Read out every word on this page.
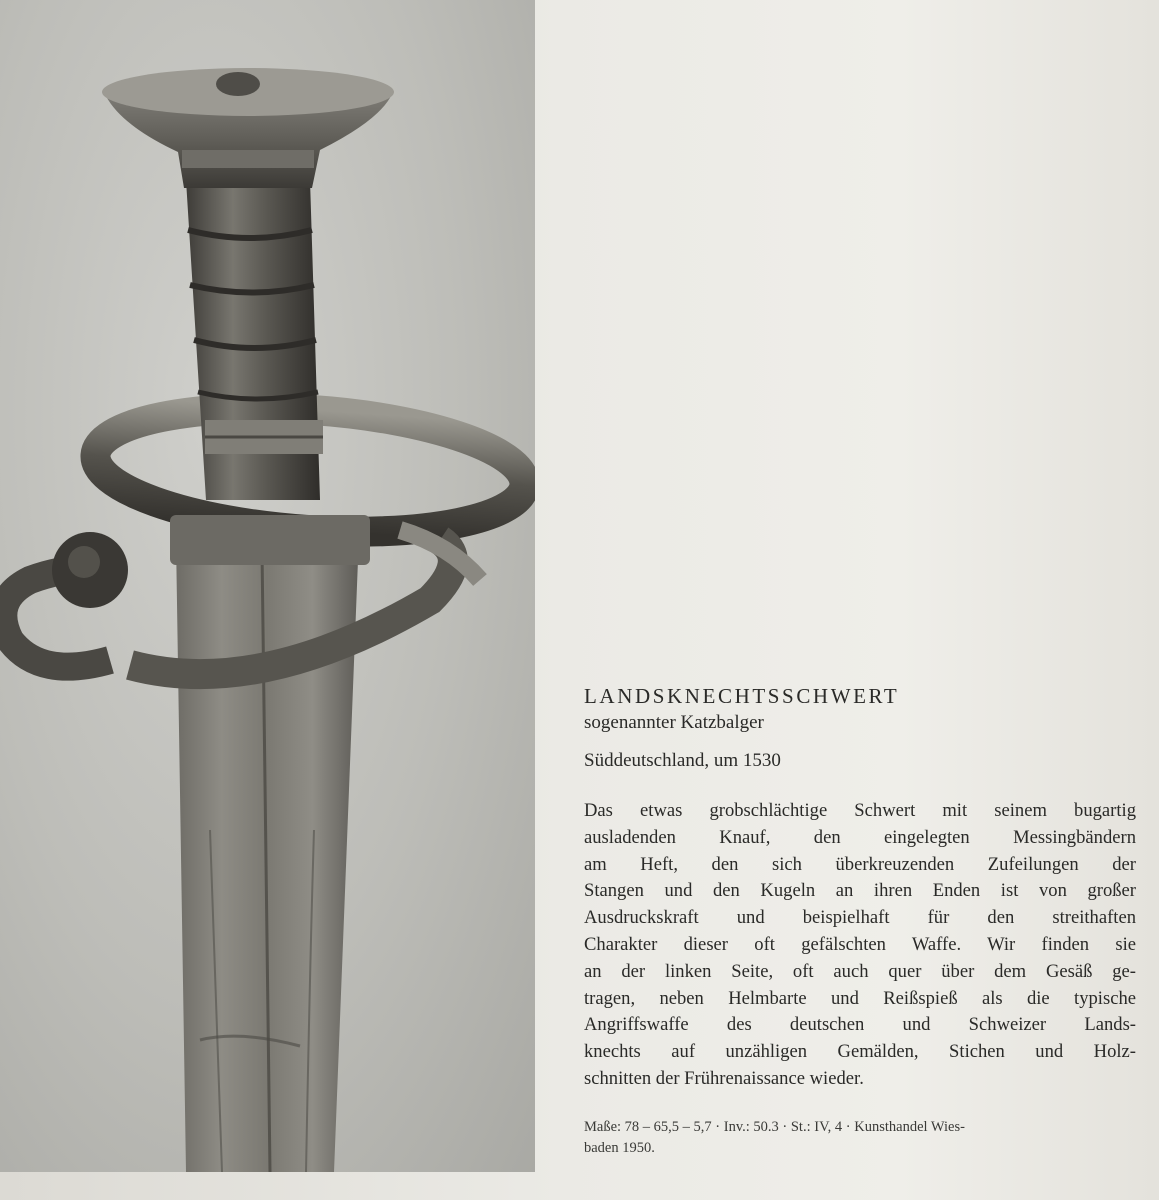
LANDSKNECHTSSCHWERT

sogenannter Katzbalger

Süddeutschland, um 1530

Das etwas grobschlächtige Schwert mit seinem bugartig
ausladenden Knauf, den eingelegten Messingbändern
am Heft, den sich überkreuzenden Zufeilungen der
Stangen und den Kugeln an ihren Enden ist von großer
Ausdruckskraft und beispielhaft für den streithaften
Charakter dieser oft gefälschten Waffe. Wir finden sie
an der linken Seite, oft auch quer über dem Gesäß ge-
tragen, neben Helmbarte und Reißspieß als die typische
Angriffswaffe des deutschen und Schweizer Lands-
knechts auf unzähligen Gemälden, Stichen und Holz-
schnitten der Frührenaissance wieder.
Maße: 78 – 65,5 – 5,7 · Inv.: 50.3 · St.: IV, 4 · Kunsthandel Wies-
baden 1950.
